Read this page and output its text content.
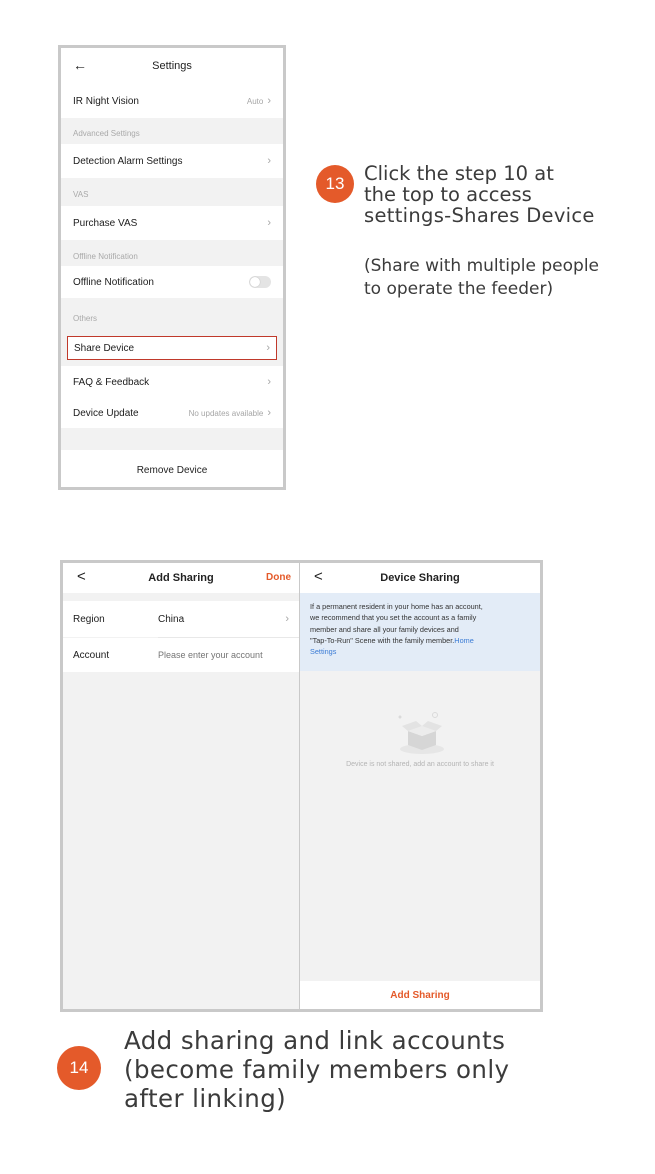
←	Settings
IR Night Vision	Auto ›
Advanced Settings
Detection Alarm Settings	›
VAS
Purchase VAS	›
Offline Notification
Offline Notification
Others
Share Device	›
FAQ & Feedback	›
Device Update	No updates available ›
Remove Device
13 Click the step 10 at
the top to access
settings-Shares Device
(Share with multiple people
to operate the feeder)
<	Add Sharing	Done
Region	China	›
Account
Please enter your account
<	Device Sharing
If a permanent resident in your home has an account,
we recommend that you set the account as a family
member and share all your family devices and
"Tap-To-Run" Scene with the family member.Home
Settings
Device is not shared, add an account to share it
Add Sharing
14
Add sharing and link accounts
(become family members only
after linking)
